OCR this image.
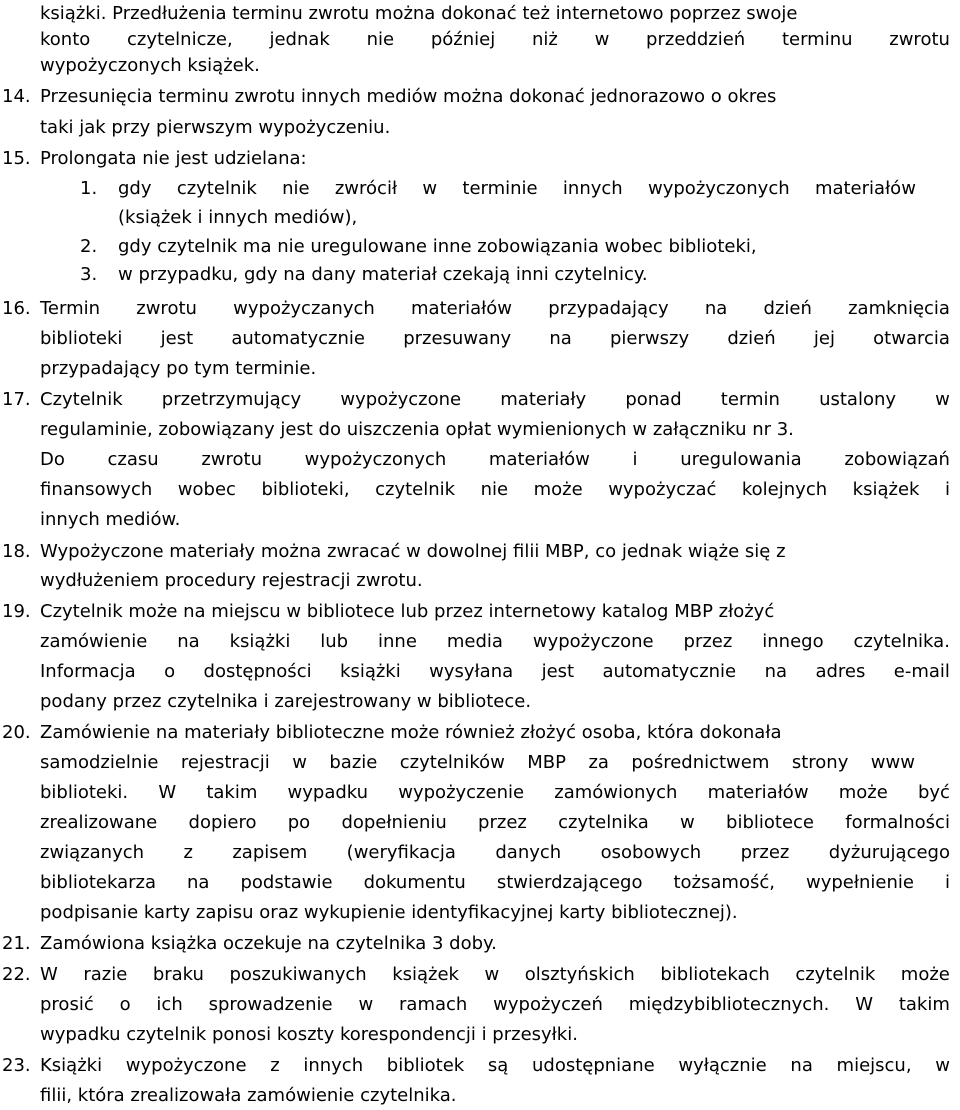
książki. Przedłużenia terminu zwrotu można dokonać też internetowo poprzez swoje
konto czytelnicze, jednak nie później niż w przeddzień terminu zwrotu
wypożyczonych książek.
14. Przesunięcia terminu zwrotu innych mediów można dokonać jednorazowo o okres
taki jak przy pierwszym wypożyczeniu.
15. Prolongata nie jest udzielana:
1. gdy czytelnik nie zwrócił w terminie innych wypożyczonych materiałów
(książek i innych mediów),
2. gdy czytelnik ma nie uregulowane inne zobowiązania wobec biblioteki,
3. w przypadku, gdy na dany materiał czekają inni czytelnicy.
16. Termin zwrotu wypożyczanych materiałów przypadający na dzień zamknięcia
biblioteki jest automatycznie przesuwany na pierwszy dzień jej otwarcia
przypadający po tym terminie.
17. Czytelnik przetrzymujący wypożyczone materiały ponad termin ustalony w
regulaminie, zobowiązany jest do uiszczenia opłat wymienionych w załączniku nr 3.
Do czasu zwrotu wypożyczonych materiałów i uregulowania zobowiązań
finansowych wobec biblioteki, czytelnik nie może wypożyczać kolejnych książek i
innych mediów.
18. Wypożyczone materiały można zwracać w dowolnej filii MBP, co jednak wiąże się z
wydłużeniem procedury rejestracji zwrotu.
19. Czytelnik może na miejscu w bibliotece lub przez internetowy katalog MBP złożyć
zamówienie na książki lub inne media wypożyczone przez innego czytelnika.
Informacja o dostępności książki wysyłana jest automatycznie na adres e-mail
podany przez czytelnika i zarejestrowany w bibliotece.
20. Zamówienie na materiały biblioteczne może również złożyć osoba, która dokonała
samodzielnie rejestracji w bazie czytelników MBP za pośrednictwem strony www
biblioteki. W takim wypadku wypożyczenie zamówionych materiałów może być
zrealizowane dopiero po dopełnieniu przez czytelnika w bibliotece formalności
związanych z zapisem (weryfikacja danych osobowych przez dyżurującego
bibliotekarza na podstawie dokumentu stwierdzającego tożsamość, wypełnienie i
podpisanie karty zapisu oraz wykupienie identyfikacyjnej karty bibliotecznej).
21. Zamówiona książka oczekuje na czytelnika 3 doby.
22. W razie braku poszukiwanych książek w olsztyńskich bibliotekach czytelnik może
prosić o ich sprowadzenie w ramach wypożyczeń międzybibliotecznych. W takim
wypadku czytelnik ponosi koszty korespondencji i przesyłki.
23. Książki wypożyczone z innych bibliotek są udostępniane wyłącznie na miejscu, w
filii, która zrealizowała zamówienie czytelnika.
